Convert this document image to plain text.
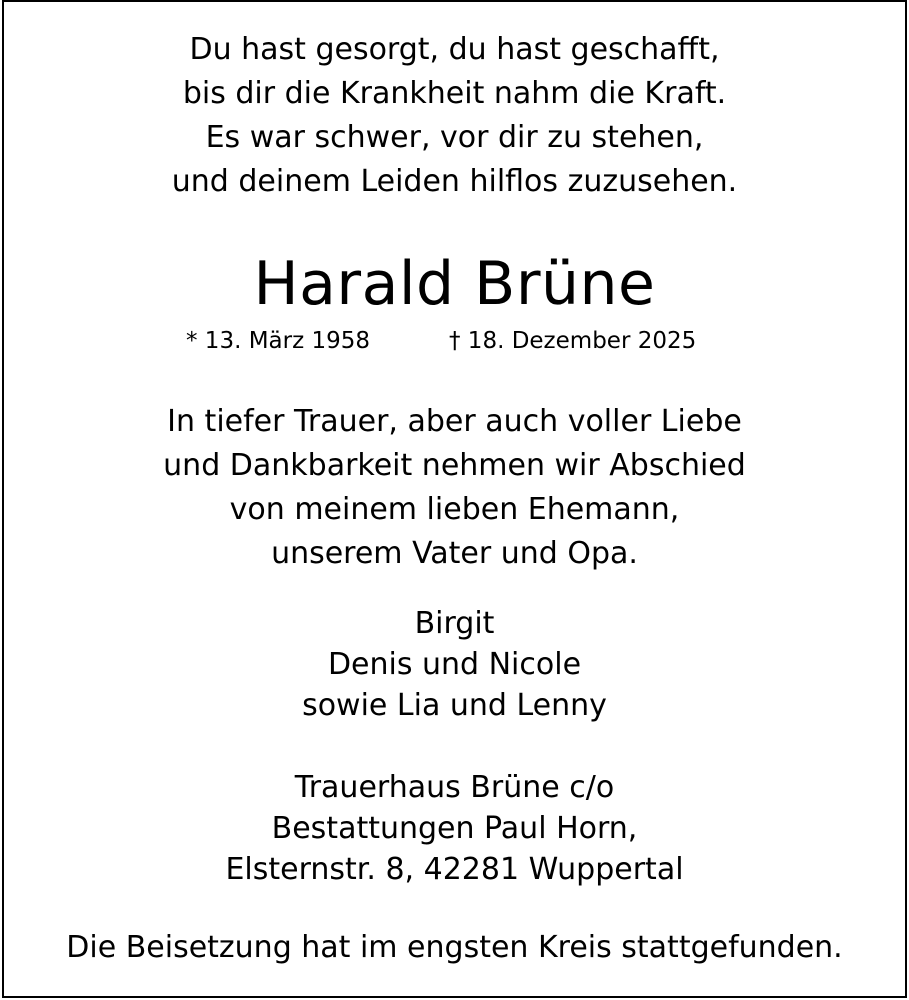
Du hast gesorgt, du hast geschafft,
bis dir die Krankheit nahm die Kraft.
Es war schwer, vor dir zu stehen,
und deinem Leiden hilflos zuzusehen.
Harald Brüne
* 13. März 1958	† 18. Dezember 2025
In tiefer Trauer, aber auch voller Liebe
und Dankbarkeit nehmen wir Abschied
von meinem lieben Ehemann,
unserem Vater und Opa.
Birgit
Denis und Nicole
sowie Lia und Lenny
Trauerhaus Brüne c/o
Bestattungen Paul Horn,
Elsternstr. 8, 42281 Wuppertal
Die Beisetzung hat im engsten Kreis stattgefunden.
